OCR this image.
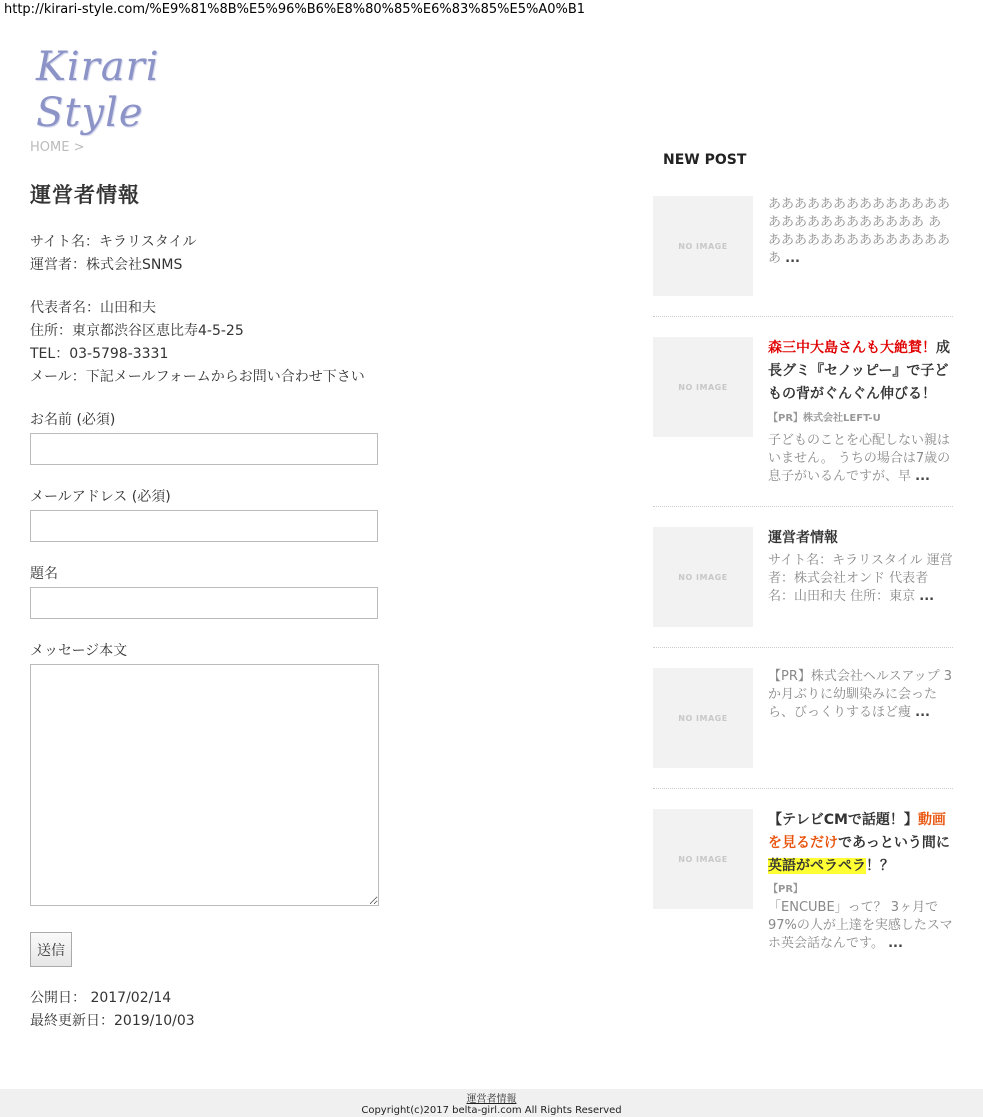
http://kirari-style.com/%E9%81%8B%E5%96%B6%E8%80%85%E6%83%85%E5%A0%B1
Kirari Style
HOME >
運営者情報

サイト名：キラリスタイル

運営者：株式会社SNMS

代表者名：山田和夫

住所：東京都渋谷区恵比寿4-5-25

TEL：03-5798-3331

メール：下記メールフォームからお問い合わせ下さい

お名前 (必須)
メールアドレス (必須)
題名
メッセージ本文
送信

公開日： 2017/02/14

最終更新日：2019/10/03

NEW POST
NO IMAGE
ああああああああああああああああああああああああああ ああああああああああああああああ ...
NO IMAGE
森三中大島さんも大絶賛！成長グミ『セノッピー』で子どもの背がぐんぐん伸びる！ 【PR】株式会社LEFT-U
子どものことを心配しない親はいません。 うちの場合は7歳の息子がいるんですが、早 ...
NO IMAGE
運営者情報
サイト名：キラリスタイル 運営者：株式会社オンド 代表者名：山田和夫 住所：東京 ...
NO IMAGE
【PR】株式会社ヘルスアップ 3か月ぶりに幼馴染みに会ったら、びっくりするほど痩 ...
NO IMAGE
【テレビCMで話題！】動画を見るだけであっという間に英語がペラペラ！？
【PR】
「ENCUBE」って？ 3ヶ月で97%の人が上達を実感したスマホ英会話なんです。 ...
運営者情報
Copyright(c)2017 belta-girl.com All Rights Reserved
